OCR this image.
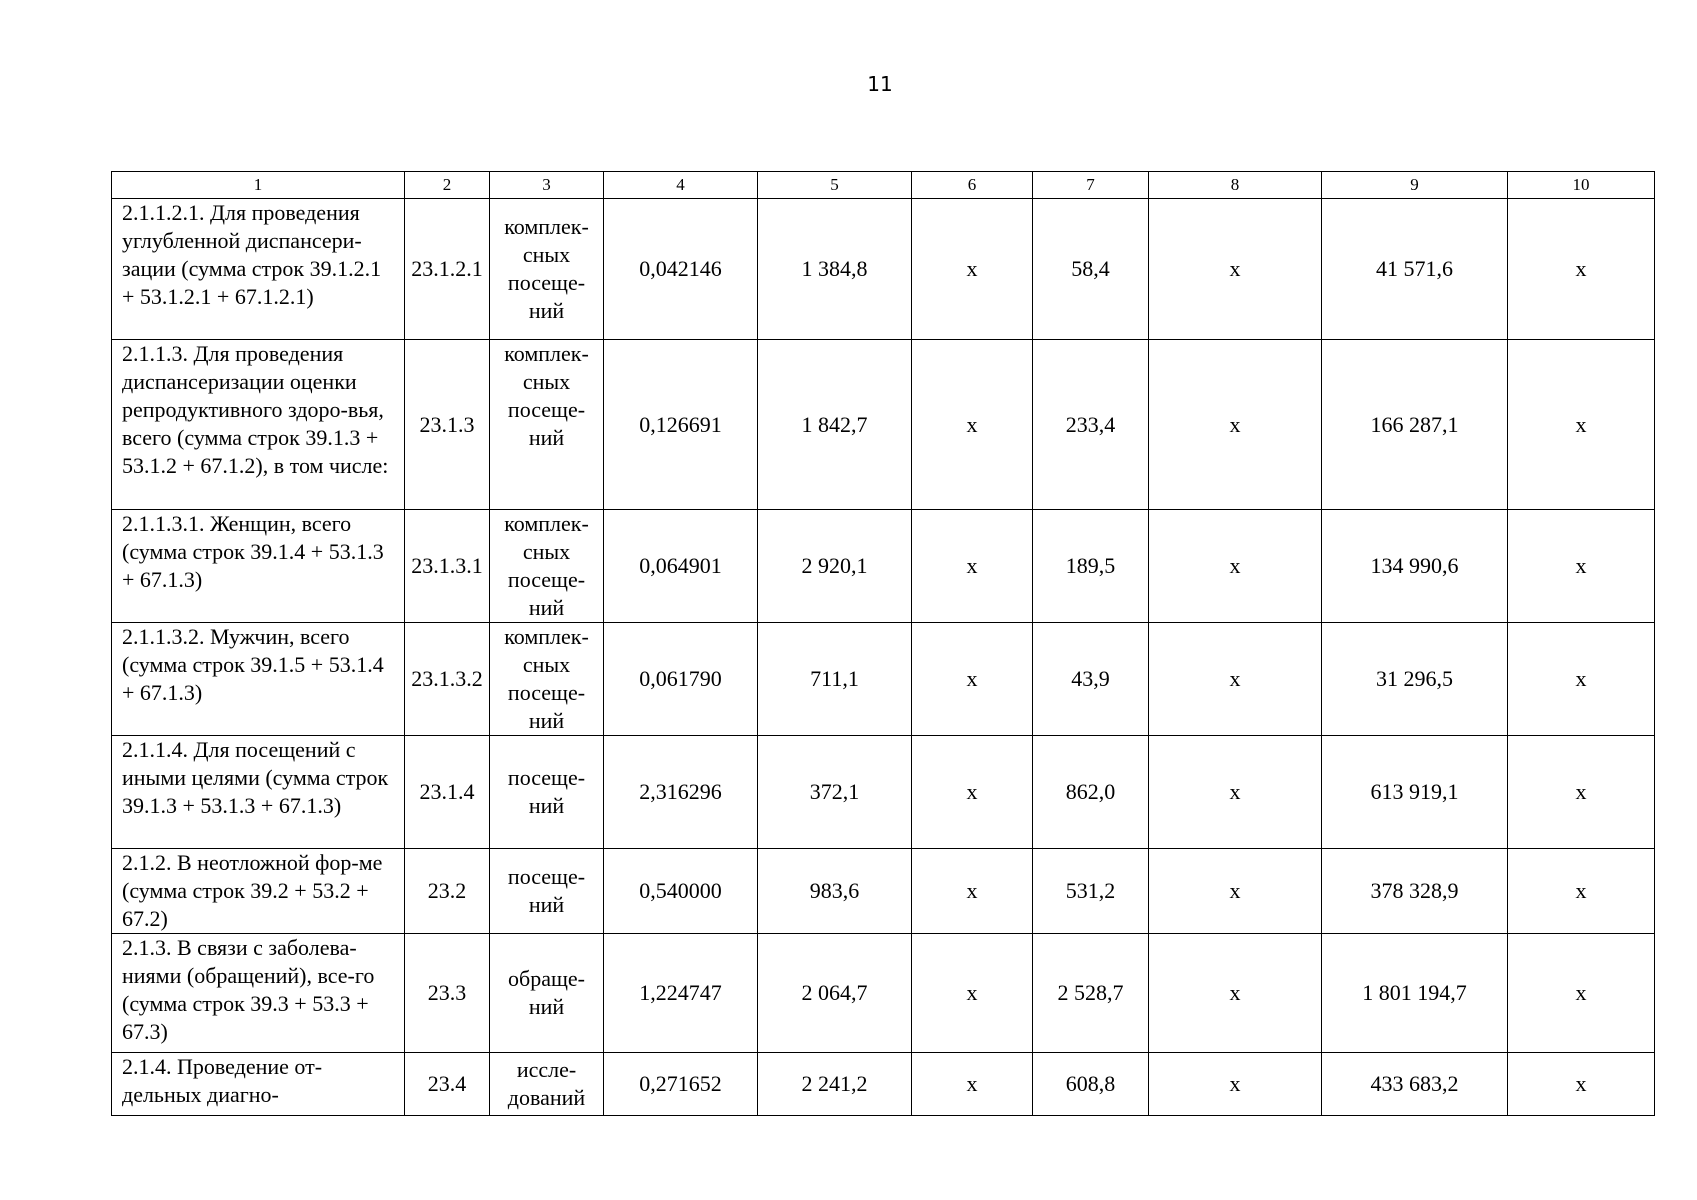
11
1	2	3	4	5	6	7	8	9	10
2.1.1.2.1. Для проведения углубленной диспансери-зации (сумма строк 39.1.2.1 + 53.1.2.1 + 67.1.2.1)	23.1.2.1	комплек-сных посеще-ний	0,042146	1 384,8	х	58,4	х	41 571,6	х
2.1.1.3. Для проведения диспансеризации оценки репродуктивного здоро-вья, всего (сумма строк 39.1.3 + 53.1.2 + 67.1.2), в том числе:	23.1.3	комплек-сных посеще-ний	0,126691	1 842,7	х	233,4	х	166 287,1	х
2.1.1.3.1. Женщин, всего (сумма строк 39.1.4 + 53.1.3 + 67.1.3)	23.1.3.1	комплек-сных посеще-ний	0,064901	2 920,1	х	189,5	х	134 990,6	х
2.1.1.3.2. Мужчин, всего (сумма строк 39.1.5 + 53.1.4 + 67.1.3)	23.1.3.2	комплек-сных посеще-ний	0,061790	711,1	х	43,9	х	31 296,5	х
2.1.1.4. Для посещений с иными целями (сумма строк 39.1.3 + 53.1.3 + 67.1.3)	23.1.4	посеще-ний	2,316296	372,1	х	862,0	х	613 919,1	х
2.1.2. В неотложной фор-ме (сумма строк 39.2 + 53.2 + 67.2)	23.2	посеще-ний	0,540000	983,6	х	531,2	х	378 328,9	х
2.1.3. В связи с заболева-ниями (обращений), все-го (сумма строк 39.3 + 53.3 + 67.3)	23.3	обраще-ний	1,224747	2 064,7	х	2 528,7	х	1 801 194,7	х
2.1.4. Проведение от-дельных диагно-	23.4	иссле-дований	0,271652	2 241,2	х	608,8	х	433 683,2	х
